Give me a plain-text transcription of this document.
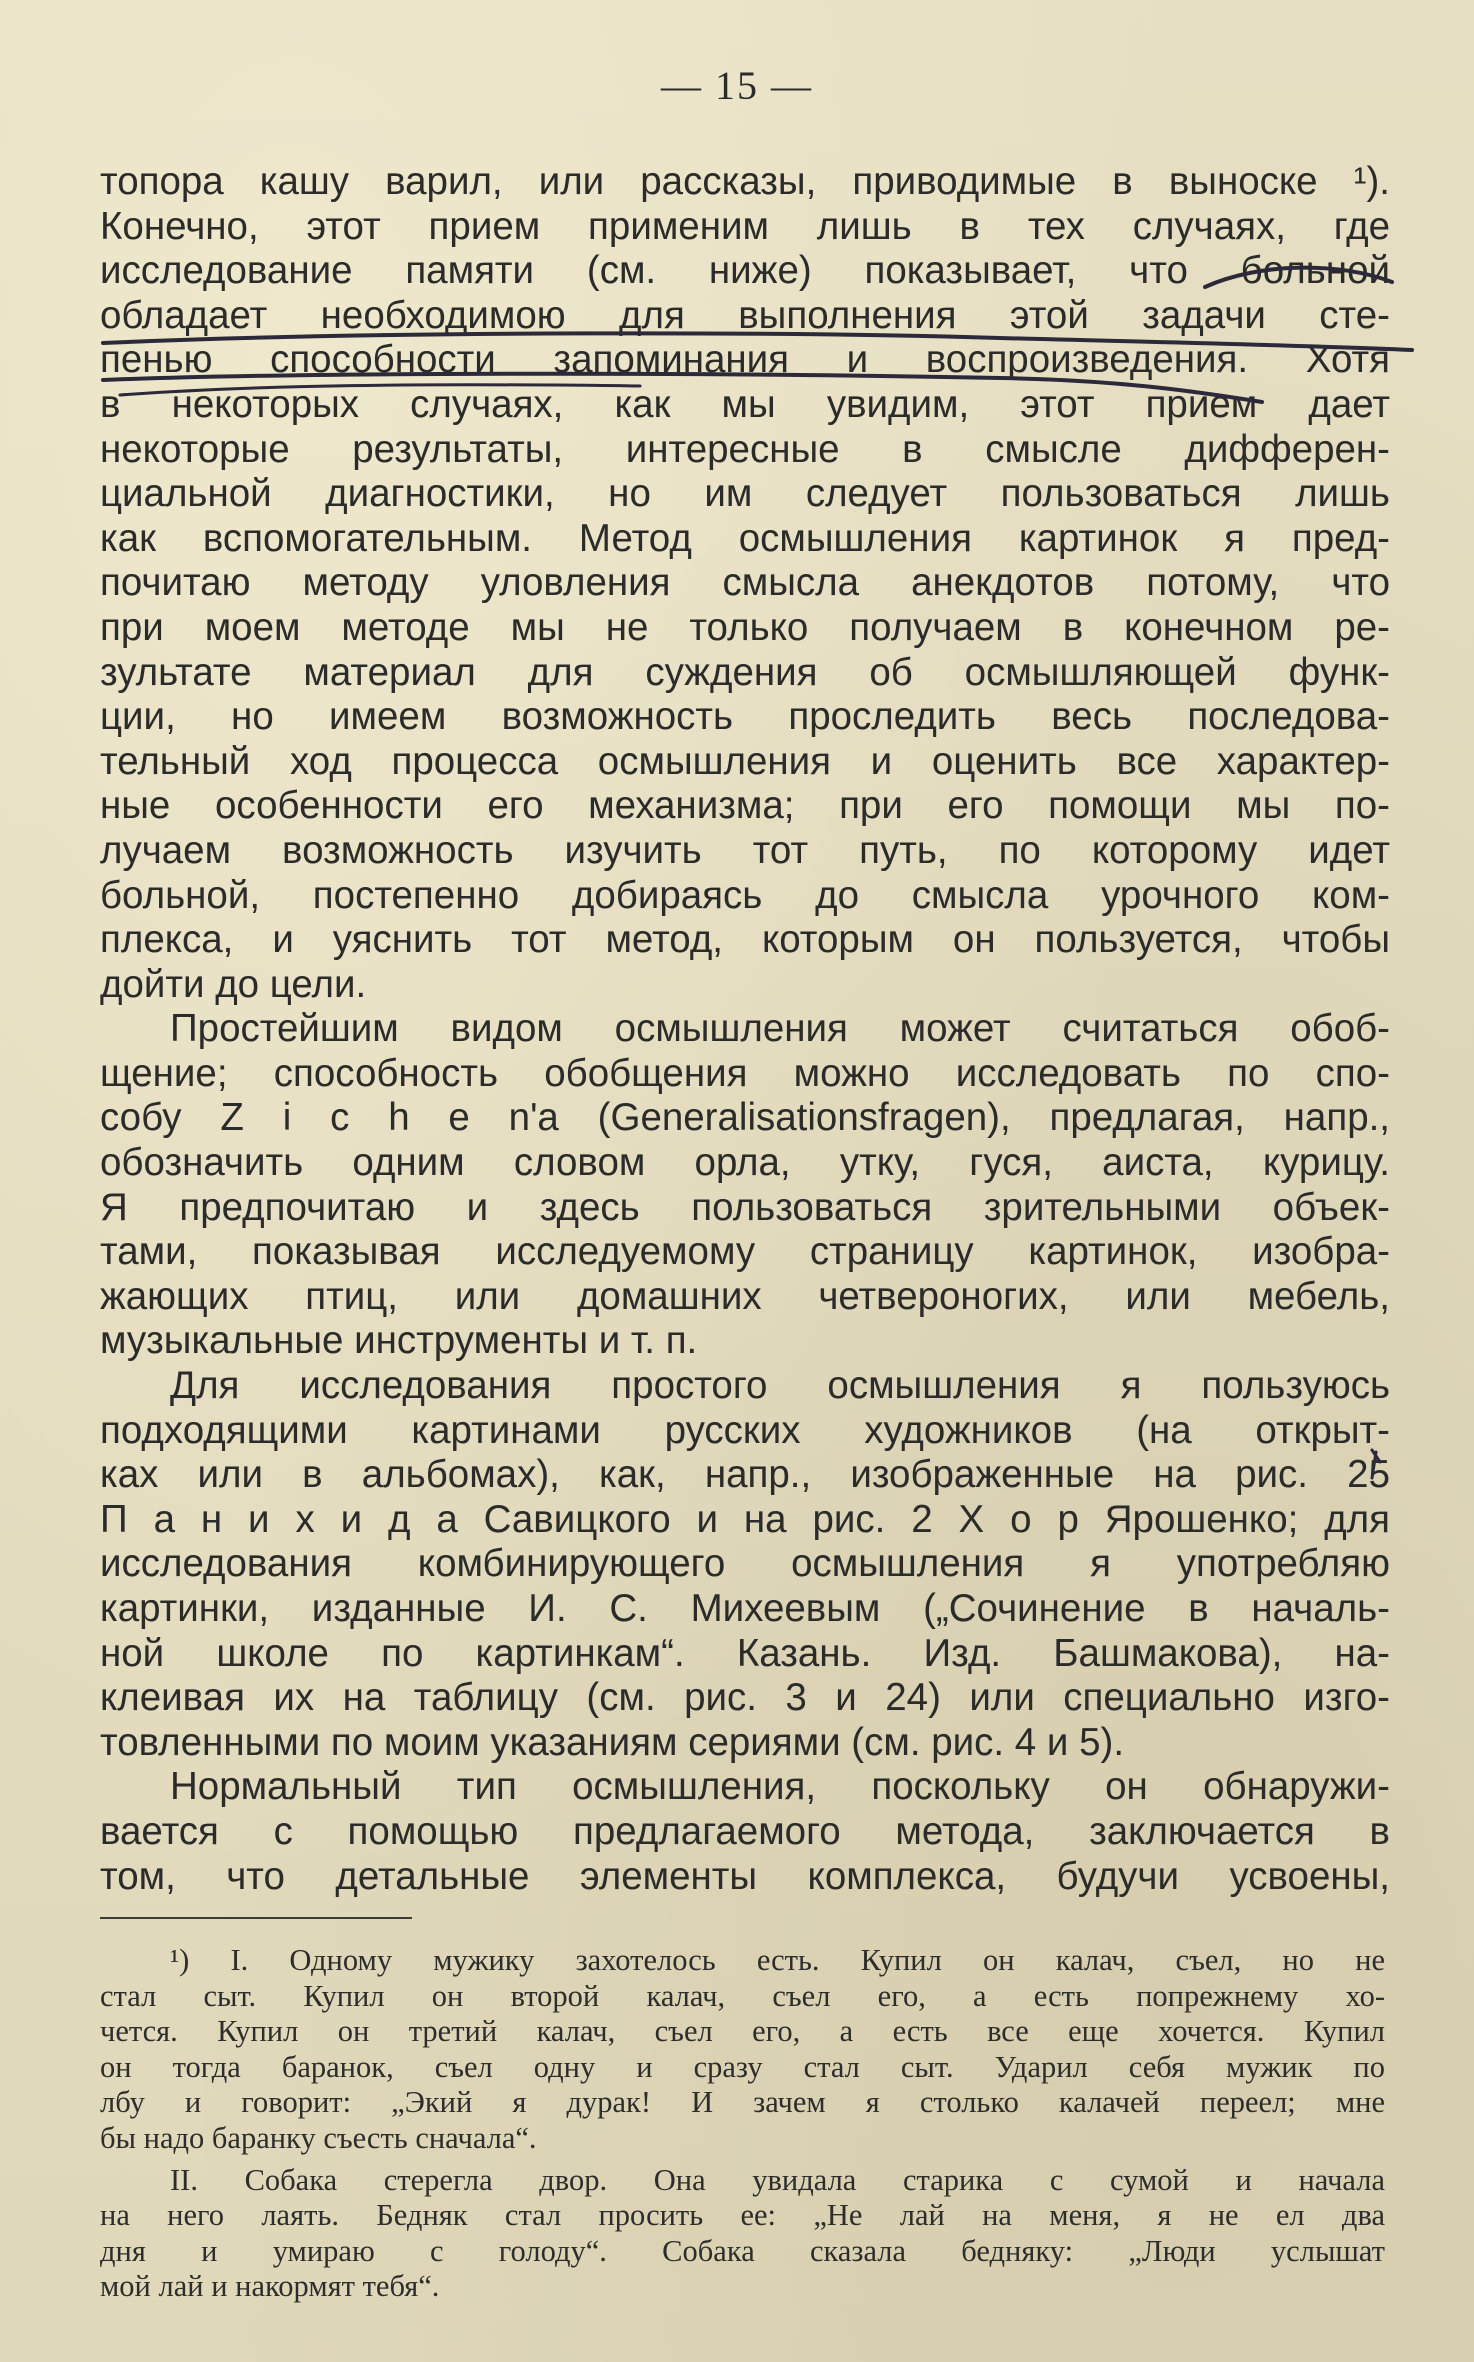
— 15 —
топора кашу варил, или рассказы, приводимые в выноске ¹).
Конечно, этот прием применим лишь в тех случаях, где
исследование памяти (см. ниже) показывает, что больной
обладает необходимою для выполнения этой задачи сте-
пенью способности запоминания и воспроизведения. Хотя
в некоторых случаях, как мы увидим, этот прием дает
некоторые результаты, интересные в смысле дифферен-
циальной диагностики, но им следует пользоваться лишь
как вспомогательным. Метод осмышления картинок я пред-
почитаю методу уловления смысла анекдотов потому, что
при моем методе мы не только получаем в конечном ре-
зультате материал для суждения об осмышляющей функ-
ции, но имеем возможность проследить весь последова-
тельный ход процесса осмышления и оценить все характер-
ные особенности его механизма; при его помощи мы по-
лучаем возможность изучить тот путь, по которому идет
больной, постепенно добираясь до смысла урочного ком-
плекса, и уяснить тот метод, которым он пользуется, чтобы
дойти до цели.
Простейшим видом осмышления может считаться обоб-
щение; способность обобщения можно исследовать по спо-
собу Z i c h e n'a (Generalisationsfragen), предлагая, напр.,
обозначить одним словом орла, утку, гуся, аиста, курицу.
Я предпочитаю и здесь пользоваться зрительными объек-
тами, показывая исследуемому страницу картинок, изобра-
жающих птиц, или домашних четвероногих, или мебель,
музыкальные инструменты и т. п.
Для исследования простого осмышления я пользуюсь
подходящими картинами русских художников (на открыт-
ках или в альбомах), как, напр., изображенные на рис. 25
П а н и х и д а Савицкого и на рис. 2 Х о р Ярошенко; для
исследования комбинирующего осмышления я употребляю
картинки, изданные И. С. Михеевым („Сочинение в началь-
ной школе по картинкам“. Казань. Изд. Башмакова), на-
клеивая их на таблицу (см. рис. 3 и 24) или специально изго-
товленными по моим указаниям сериями (см. рис. 4 и 5).
Нормальный тип осмышления, поскольку он обнаружи-
вается с помощью предлагаемого метода, заключается в
том, что детальные элементы комплекса, будучи усвоены,
¹) I. Одному мужику захотелось есть. Купил он калач, съел, но не
стал сыт. Купил он второй калач, съел его, а есть попрежнему хо-
чется. Купил он третий калач, съел его, а есть все еще хочется. Купил
он тогда баранок, съел одну и сразу стал сыт. Ударил себя мужик по
лбу и говорит: „Экий я дурак! И зачем я столько калачей переел; мне
бы надо баранку съесть сначала“.
II. Собака стерегла двор. Она увидала старика с сумой и начала
на него лаять. Бедняк стал просить ее: „Не лай на меня, я не ел два
дня и умираю с голоду“. Собака сказала бедняку: „Люди услышат
мой лай и накормят тебя“.
